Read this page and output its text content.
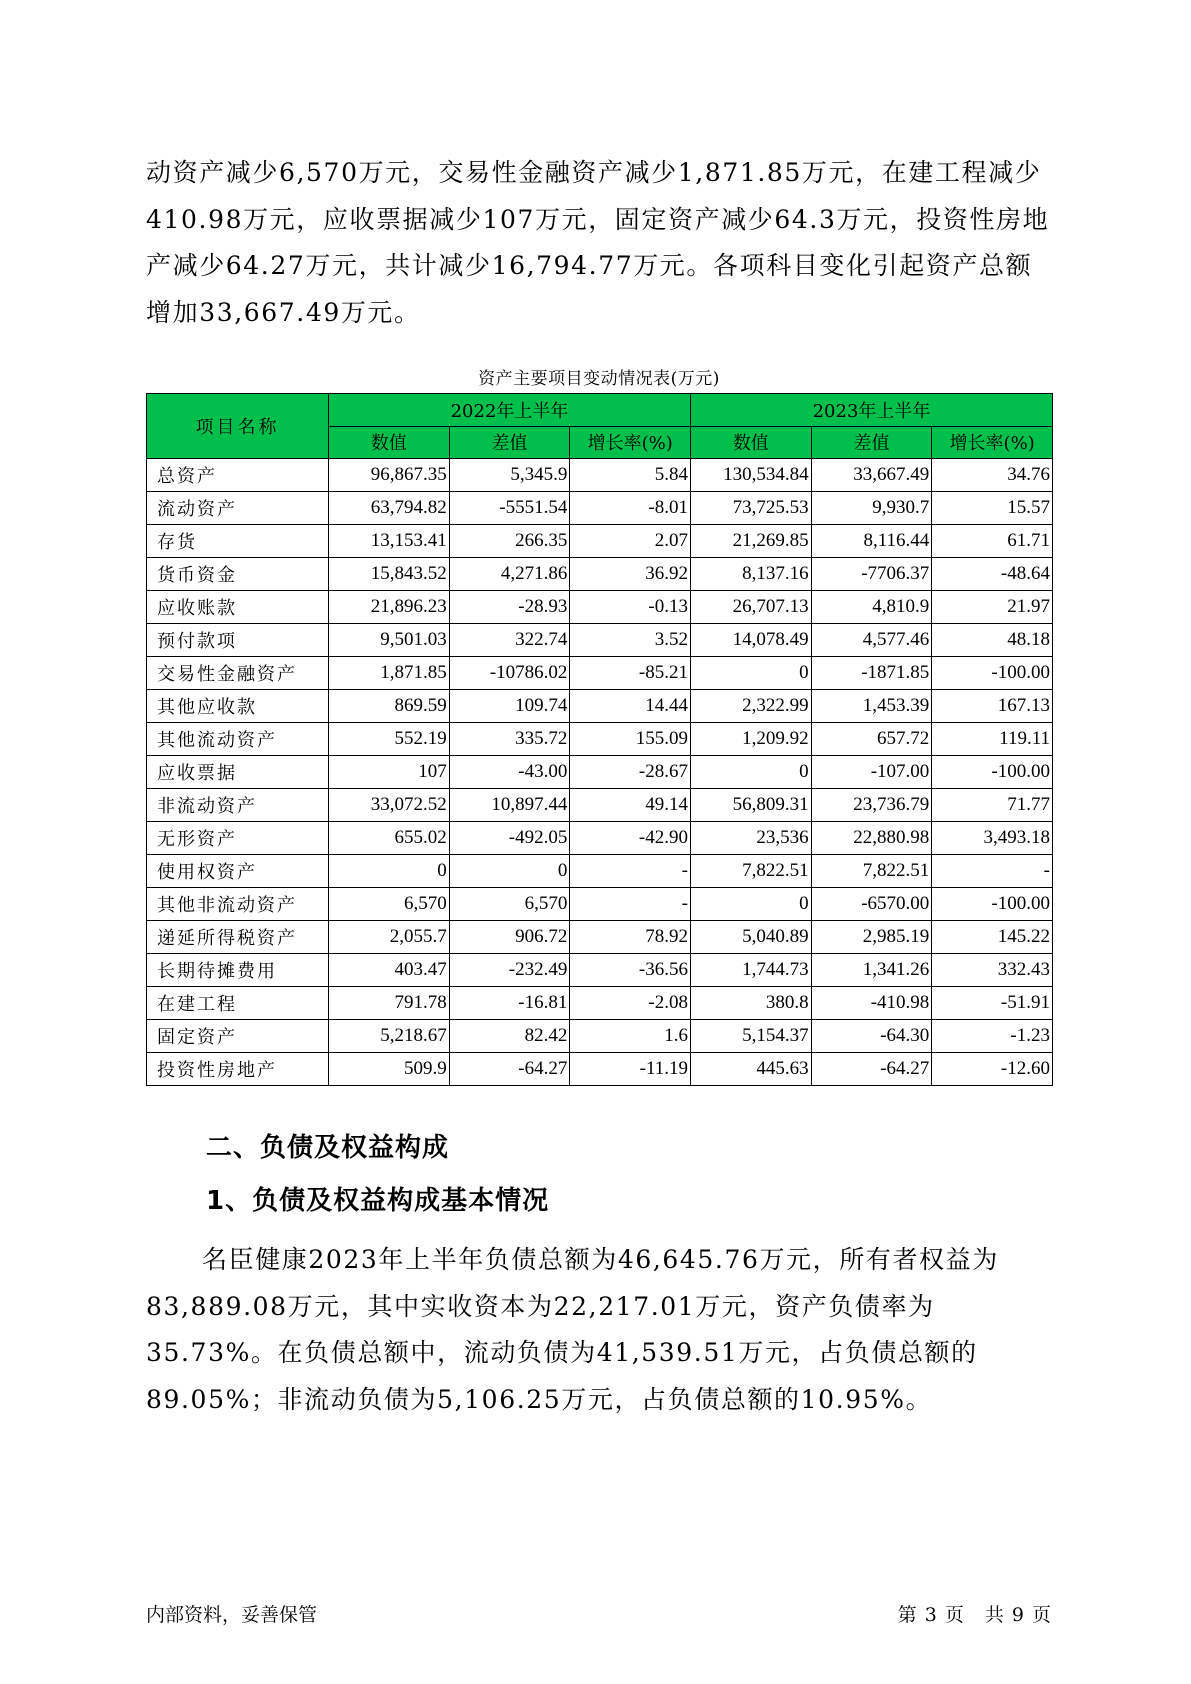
动资产减少6,570万元，交易性金融资产减少1,871.85万元，在建工程减少410.98万元，应收票据减少107万元，固定资产减少64.3万元，投资性房地产减少64.27万元，共计减少16,794.77万元。各项科目变化引起资产总额增加33,667.49万元。

资产主要项目变动情况表(万元)
项目名称	2022年上半年			2023年上半年		
	数值	差值	增长率(%)	数值	差值	增长率(%)
总资产	96,867.35	5,345.9	5.84	130,534.84	33,667.49	34.76
流动资产	63,794.82	-5551.54	-8.01	73,725.53	9,930.7	15.57
存货	13,153.41	266.35	2.07	21,269.85	8,116.44	61.71
货币资金	15,843.52	4,271.86	36.92	8,137.16	-7706.37	-48.64
应收账款	21,896.23	-28.93	-0.13	26,707.13	4,810.9	21.97
预付款项	9,501.03	322.74	3.52	14,078.49	4,577.46	48.18
交易性金融资产	1,871.85	-10786.02	-85.21	0	-1871.85	-100.00
其他应收款	869.59	109.74	14.44	2,322.99	1,453.39	167.13
其他流动资产	552.19	335.72	155.09	1,209.92	657.72	119.11
应收票据	107	-43.00	-28.67	0	-107.00	-100.00
非流动资产	33,072.52	10,897.44	49.14	56,809.31	23,736.79	71.77
无形资产	655.02	-492.05	-42.90	23,536	22,880.98	3,493.18
使用权资产	0	0	-	7,822.51	7,822.51	-
其他非流动资产	6,570	6,570	-	0	-6570.00	-100.00
递延所得税资产	2,055.7	906.72	78.92	5,040.89	2,985.19	145.22
长期待摊费用	403.47	-232.49	-36.56	1,744.73	1,341.26	332.43
在建工程	791.78	-16.81	-2.08	380.8	-410.98	-51.91
固定资产	5,218.67	82.42	1.6	5,154.37	-64.30	-1.23
投资性房地产	509.9	-64.27	-11.19	445.63	-64.27	-12.60
二、负债及权益构成
1、负债及权益构成基本情况

名臣健康2023年上半年负债总额为46,645.76万元，所有者权益为83,889.08万元，其中实收资本为22,217.01万元，资产负债率为35.73%。在负债总额中，流动负债为41,539.51万元，占负债总额的89.05%；非流动负债为5,106.25万元，占负债总额的10.95%。

内部资料，妥善保管	第 3 页　共 9 页
